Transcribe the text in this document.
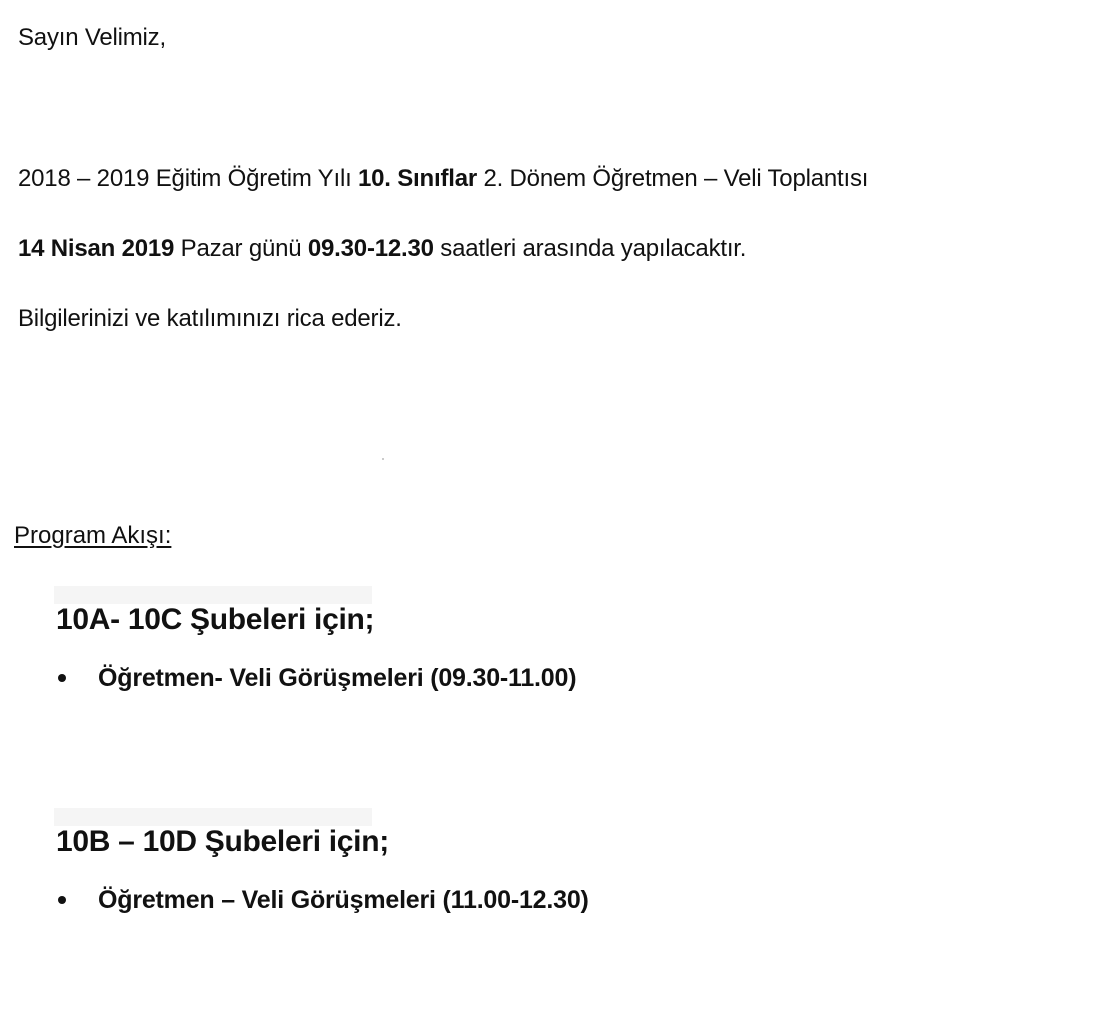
Sayın Velimiz,
2018 – 2019 Eğitim Öğretim Yılı 10. Sınıflar 2. Dönem Öğretmen – Veli Toplantısı
14 Nisan 2019 Pazar günü 09.30-12.30 saatleri arasında yapılacaktır.
Bilgilerinizi ve katılımınızı rica ederiz.
Program Akışı:
10A- 10C Şubeleri için;
Öğretmen- Veli Görüşmeleri (09.30-11.00)
10B – 10D Şubeleri için;
Öğretmen – Veli Görüşmeleri (11.00-12.30)
